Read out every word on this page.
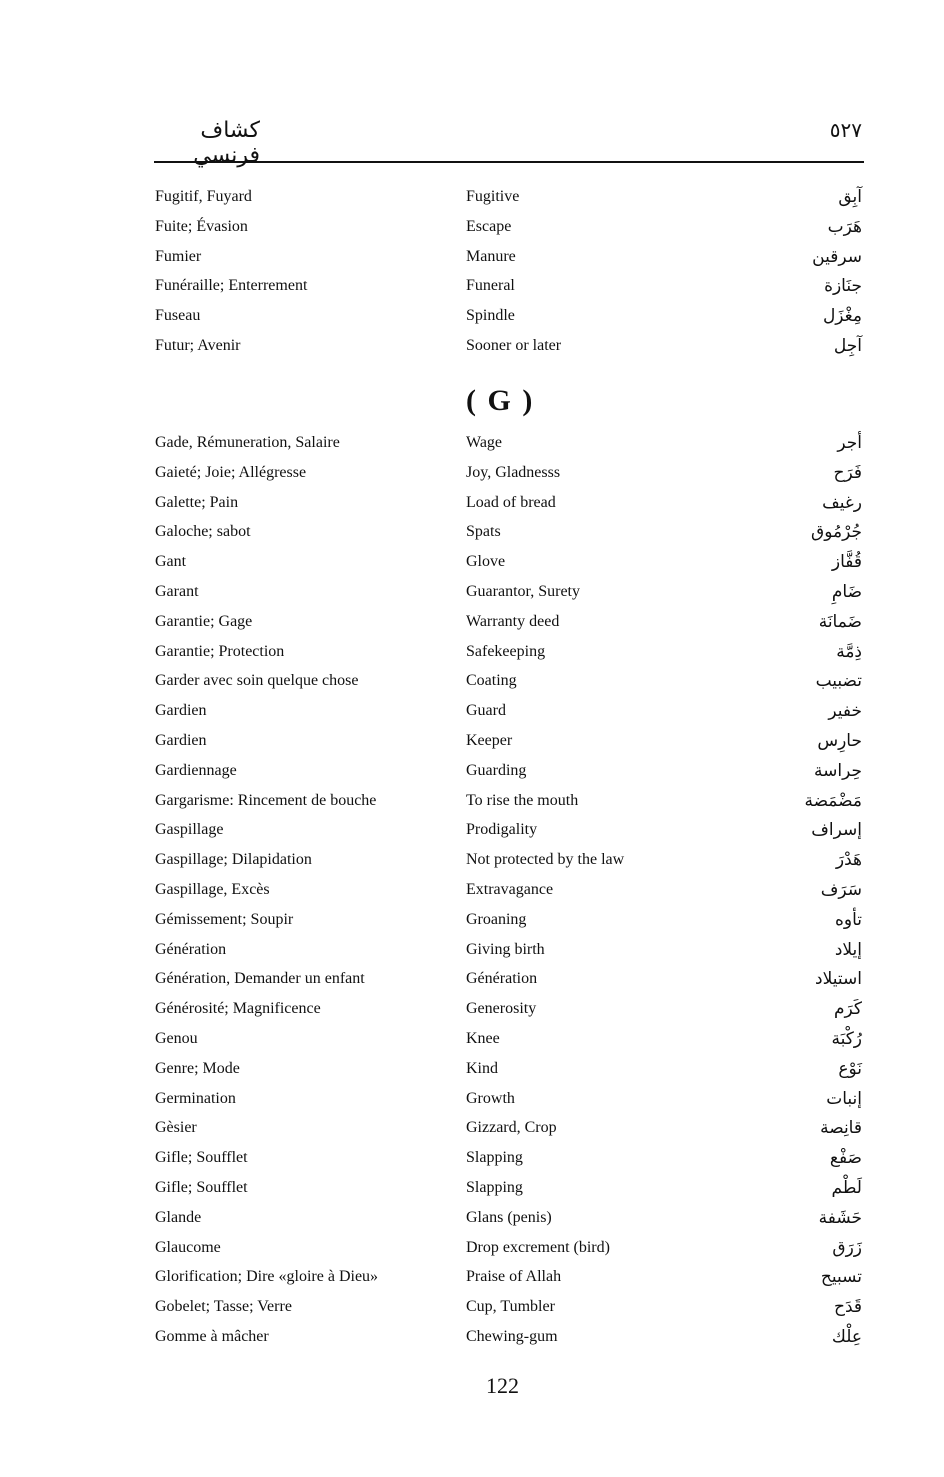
كشاف فرنسي
٥٢٧
Fugitif, Fuyard	Fugitive	آبِق
Fuite; Évasion	Escape	هَرَب
Fumier	Manure	سرقين
Funéraille; Enterrement	Funeral	جنَازة
Fuseau	Spindle	مِغْزَل
Futur; Avenir	Sooner or later	آجِل
Gade, Rémuneration, Salaire	Wage	أجر
Gaieté; Joie; Allégresse	Joy, Gladnesss	فَرَح
Galette; Pain	Load of bread	رغيف
Galoche; sabot	Spats	جُرْمُوق
Gant	Glove	قُفَّاز
Garant	Guarantor, Surety	ضَامِ
Garantie; Gage	Warranty deed	ضَمانَة
Garantie; Protection	Safekeeping	ذِمَّة
Garder avec soin quelque chose	Coating	تضبيب
Gardien	Guard	خفير
Gardien	Keeper	حارِس
Gardiennage	Guarding	حِراسة
Gargarisme: Rincement de bouche	To rise the mouth	مَضْمَضة
Gaspillage	Prodigality	إسراف
Gaspillage; Dilapidation	Not protected by the law	هَدْرَ
Gaspillage, Excès	Extravagance	سَرَف
Gémissement; Soupir	Groaning	تأوه
Génération	Giving birth	إيلاد
Génération, Demander un enfant	Génération	استيلاد
Générosité; Magnificence	Generosity	كَرَم
Genou	Knee	رُكْبَة
Genre; Mode	Kind	نَوْع
Germination	Growth	إنبات
Gèsier	Gizzard, Crop	قانِصة
Gifle; Soufflet	Slapping	صَفْع
Gifle; Soufflet	Slapping	لَطْم
Glande	Glans (penis)	حَشَفة
Glaucome	Drop excrement (bird)	زَرَق
Glorification; Dire «gloire à Dieu»	Praise of Allah	تسبيح
Gobelet; Tasse; Verre	Cup, Tumbler	قَدَح
Gomme à mâcher	Chewing-gum	عِلْك
( G )
122
